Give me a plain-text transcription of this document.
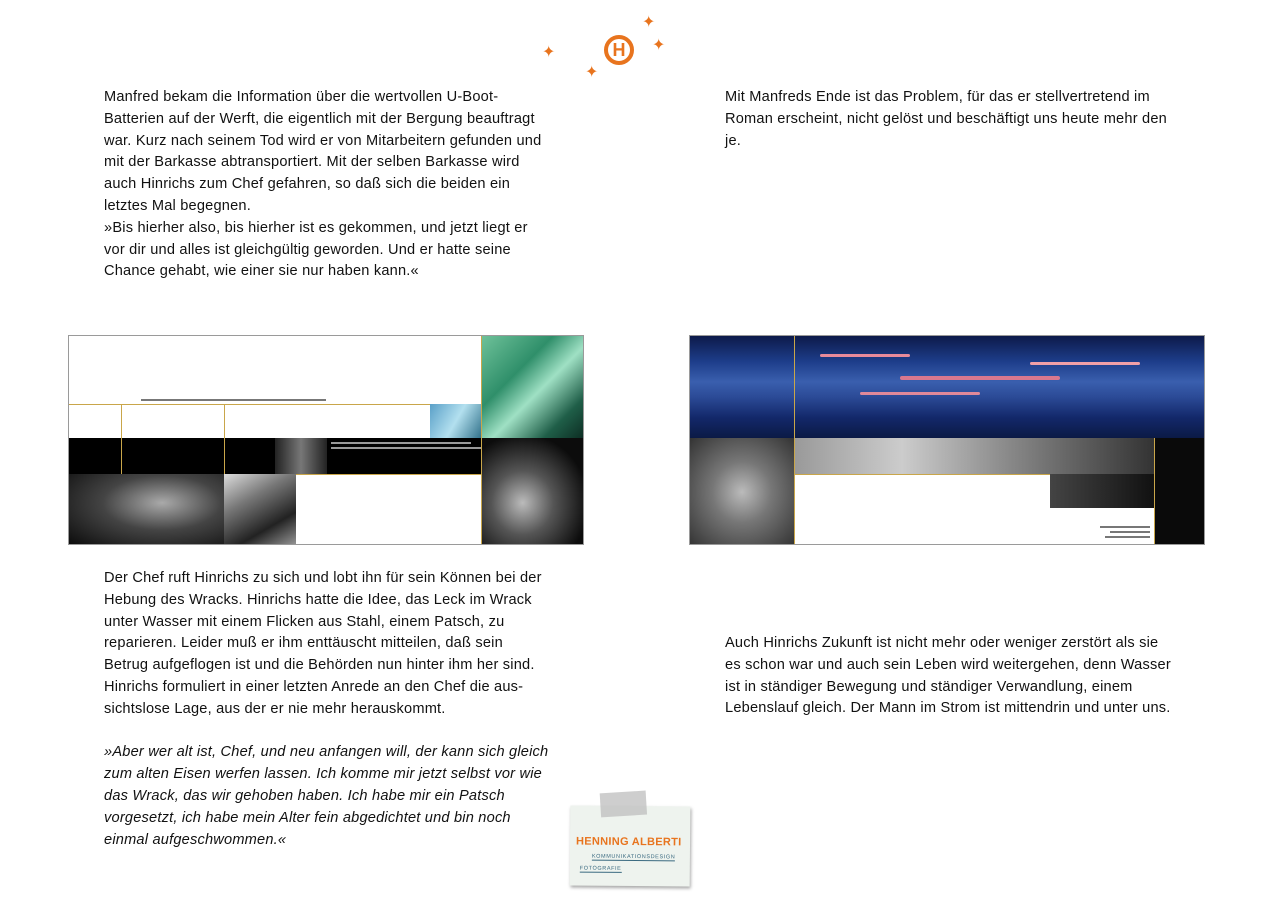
✦
✦
✦
✦
H

Manfred bekam die Information über die wertvollen U-Boot-Batterien auf der Werft, die eigentlich mit der Bergung beauftragt war. Kurz nach seinem Tod wird er von Mitarbeitern gefunden und mit der Barkasse abtransportiert. Mit der selben Barkasse wird auch Hinrichs zum Chef gefahren, so daß sich die beiden ein letztes Mal begegnen.

»Bis hierher also, bis hierher ist es gekommen, und jetzt liegt er vor dir und alles ist gleichgültig geworden. Und er hatte seine Chance gehabt, wie einer sie nur haben kann.«

Mit Manfreds Ende ist das Problem, für das er stellvertretend im Roman erscheint, nicht gelöst und beschäftigt uns heute mehr den je.

Der Chef ruft Hinrichs zu sich und lobt ihn für sein Können bei der Hebung des Wracks. Hinrichs hatte die Idee, das Leck im Wrack unter Wasser mit einem Flicken aus Stahl, einem Patsch, zu reparieren. Leider muß er ihm enttäuscht mitteilen, daß sein Betrug aufgeflogen ist und die Behörden nun hinter ihm her sind. Hinrichs formuliert in einer letzten Anrede an den Chef die aus-sichtslose Lage, aus der er nie mehr herauskommt.

»Aber wer alt ist, Chef, und neu anfangen will, der kann sich gleich zum alten Eisen werfen lassen. Ich komme mir jetzt selbst vor wie das Wrack, das wir gehoben haben. Ich habe mir ein Patsch vorgesetzt, ich habe mein Alter fein abgedichtet und bin noch einmal aufgeschwommen.«

Auch Hinrichs Zukunft ist nicht mehr oder weniger zerstört als sie es schon war und auch sein Leben wird weitergehen, denn Wasser ist in ständiger Bewegung und ständiger Verwandlung, einem Lebenslauf gleich. Der Mann im Strom ist mittendrin und unter uns.

HENNING ALBERTI
KOMMUNIKATIONSDESIGN
FOTOGRAFIE
